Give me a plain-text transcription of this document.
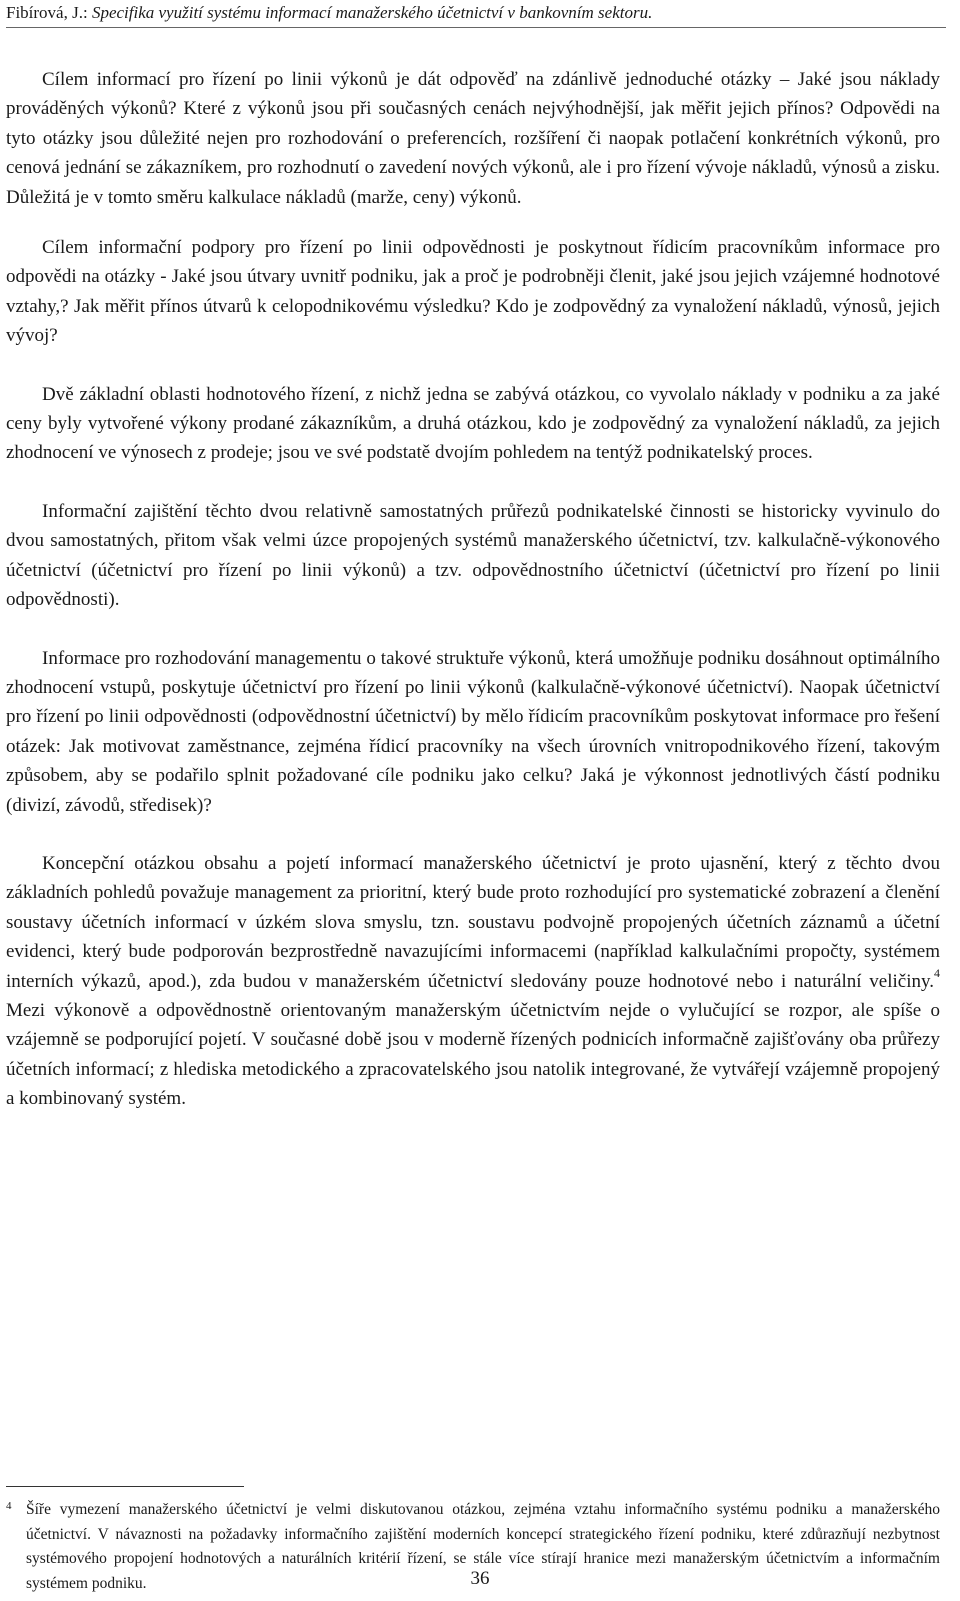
Fibírová, J.: Specifika využití systému informací manažerského účetnictví v bankovním sektoru.

Cílem informací pro řízení po linii výkonů je dát odpověď na zdánlivě jednoduché otázky – Jaké jsou náklady prováděných výkonů? Které z výkonů jsou při současných cenách nejvýhodnější, jak měřit jejich přínos? Odpovědi na tyto otázky jsou důležité nejen pro rozhodování o preferencích, rozšíření či naopak potlačení konkrétních výkonů, pro cenová jednání se zákazníkem, pro rozhodnutí o zavedení nových výkonů, ale i pro řízení vývoje nákladů, výnosů a zisku. Důležitá je v tomto směru kalkulace nákladů (marže, ceny) výkonů.

Cílem informační podpory pro řízení po linii odpovědnosti je poskytnout řídicím pracovníkům informace pro odpovědi na otázky - Jaké jsou útvary uvnitř podniku, jak a proč je podrobněji členit, jaké jsou jejich vzájemné hodnotové vztahy,? Jak měřit přínos útvarů k celopodnikovému výsledku? Kdo je zodpovědný za vynaložení nákladů, výnosů, jejich vývoj?

Dvě základní oblasti hodnotového řízení, z nichž jedna se zabývá otázkou, co vyvolalo náklady v podniku a za jaké ceny byly vytvořené výkony prodané zákazníkům, a druhá otázkou, kdo je zodpovědný za vynaložení nákladů, za jejich zhodnocení ve výnosech z prodeje; jsou ve své podstatě dvojím pohledem na tentýž podnikatelský proces.

Informační zajištění těchto dvou relativně samostatných průřezů podnikatelské činnosti se historicky vyvinulo do dvou samostatných, přitom však velmi úzce propojených systémů manažerského účetnictví, tzv. kalkulačně-výkonového účetnictví (účetnictví pro řízení po linii výkonů) a tzv. odpovědnostního účetnictví (účetnictví pro řízení po linii odpovědnosti).

Informace pro rozhodování managementu o takové struktuře výkonů, která umožňuje podniku dosáhnout optimálního zhodnocení vstupů, poskytuje účetnictví pro řízení po linii výkonů (kalkulačně-výkonové účetnictví). Naopak účetnictví pro řízení po linii odpovědnosti (odpovědnostní účetnictví) by mělo řídicím pracovníkům poskytovat informace pro řešení otázek: Jak motivovat zaměstnance, zejména řídicí pracovníky na všech úrovních vnitropodnikového řízení, takovým způsobem, aby se podařilo splnit požadované cíle podniku jako celku? Jaká je výkonnost jednotlivých částí podniku (divizí, závodů, středisek)?

Koncepční otázkou obsahu a pojetí informací manažerského účetnictví je proto ujasnění, který z těchto dvou základních pohledů považuje management za prioritní, který bude proto rozhodující pro systematické zobrazení a členění soustavy účetních informací v úzkém slova smyslu, tzn. soustavu podvojně propojených účetních záznamů a účetní evidenci, který bude podporován bezprostředně navazujícími informacemi (například kalkulačními propočty, systémem interních výkazů, apod.), zda budou v manažerském účetnictví sledovány pouze hodnotové nebo i naturální veličiny.$^4$ Mezi výkonově a odpovědnostně orientovaným manažerským účetnictvím nejde o vylučující se rozpor, ale spíše o vzájemně se podporující pojetí. V současné době jsou v moderně řízených podnicích informačně zajišťovány oba průřezy účetních informací; z hlediska metodického a zpracovatelského jsou natolik integrované, že vytvářejí vzájemně propojený a kombinovaný systém.

4 Šíře vymezení manažerského účetnictví je velmi diskutovanou otázkou, zejména vztahu informačního systému podniku a manažerského účetnictví. V návaznosti na požadavky informačního zajištění moderních koncepcí strategického řízení podniku, které zdůrazňují nezbytnost systémového propojení hodnotových a naturálních kritérií řízení, se stále více stírají hranice mezi manažerským účetnictvím a informačním systémem podniku.	36
